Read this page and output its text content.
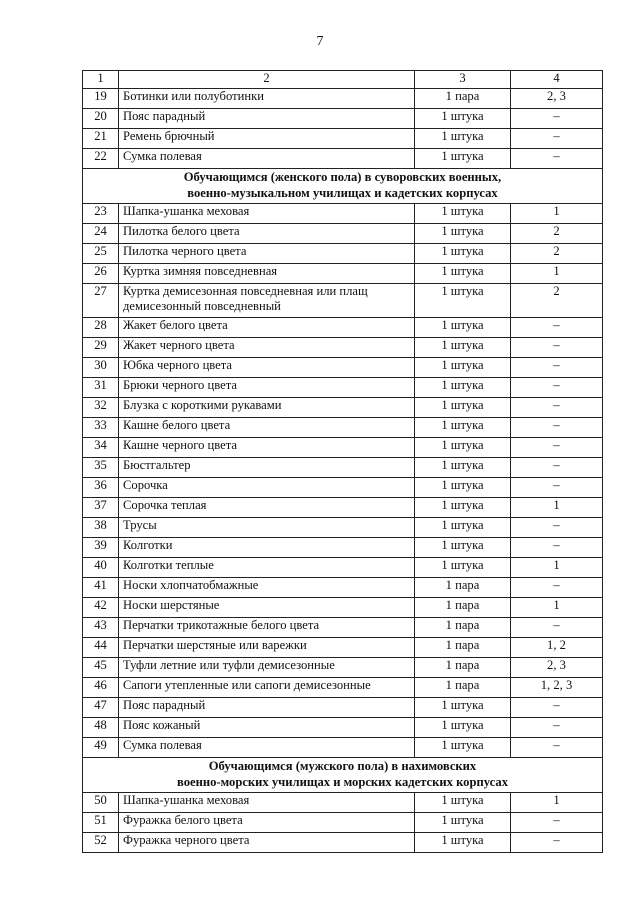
7
1	2	3	4
19	Ботинки или полуботинки	1 пара	2, 3
20	Пояс парадный	1 штука	–
21	Ремень брючный	1 штука	–
22	Сумка полевая	1 штука	–

Обучающимся (женского пола) в суворовских военных,
военно-музыкальном училищах и кадетских корпусах			

23	Шапка-ушанка меховая	1 штука	1
24	Пилотка белого цвета	1 штука	2
25	Пилотка черного цвета	1 штука	2
26	Куртка зимняя повседневная	1 штука	1
27	Куртка демисезонная повседневная или плащ демисезонный повседневный	1 штука	2
28	Жакет белого цвета	1 штука	–
29	Жакет черного цвета	1 штука	–
30	Юбка черного цвета	1 штука	–
31	Брюки черного цвета	1 штука	–
32	Блузка с короткими рукавами	1 штука	–
33	Кашне белого цвета	1 штука	–
34	Кашне черного цвета	1 штука	–
35	Бюстгальтер	1 штука	–
36	Сорочка	1 штука	–
37	Сорочка теплая	1 штука	1
38	Трусы	1 штука	–
39	Колготки	1 штука	–
40	Колготки теплые	1 штука	1
41	Носки хлопчатобмажные	1 пара	–
42	Носки шерстяные	1 пара	1
43	Перчатки трикотажные белого цвета	1 пара	–
44	Перчатки шерстяные или варежки	1 пара	1, 2
45	Туфли летние или туфли демисезонные	1 пара	2, 3
46	Сапоги утепленные или сапоги демисезонные	1 пара	1, 2, 3
47	Пояс парадный	1 штука	–
48	Пояс кожаный	1 штука	–
49	Сумка полевая	1 штука	–

Обучающимся (мужского пола) в нахимовских
военно-морских училищах и морских кадетских корпусах			

50	Шапка-ушанка меховая	1 штука	1
51	Фуражка белого цвета	1 штука	–
52	Фуражка черного цвета	1 штука	–
